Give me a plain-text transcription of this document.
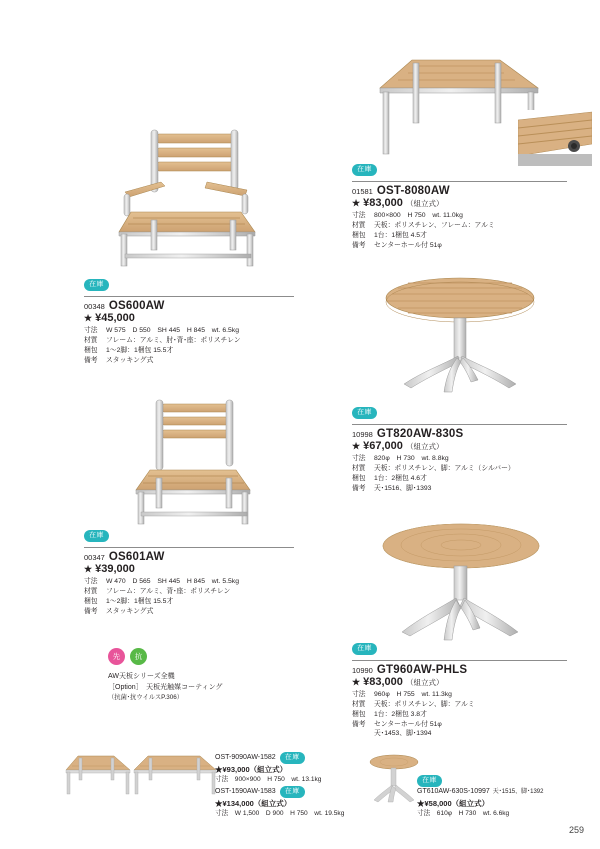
在庫
00348 OS600AW
★ ¥45,000
寸法	W 575　D 550　SH 445　H 845　wt. 6.5kg
材質	フレーム：アルミ、肘･背･座：ポリスチレン
梱包	1〜2脚：1梱包 15.5才
備考	スタッキング式
在庫
00347 OS601AW
★ ¥39,000
寸法	W 470　D 565　SH 445　H 845　wt. 5.5kg
材質	フレーム：アルミ、背･座：ポリスチレン
梱包	1〜2脚：1梱包 15.5才
備考	スタッキング式
先 抗
AW天板シリーズ全機
［Option］　天板光触媒コーティング
（抗菌･抗ウイルスP.306）
在庫
01581 OST-8080AW
★ ¥83,000 （組立式）
寸法	800×800　H 750　wt. 11.0kg
材質	天板：ポリスチレン、フレーム：アルミ
梱包	1台：1梱包 4.5才
備考	センターホール付 51φ
在庫
10998 GT820AW-830S
★ ¥67,000 （組立式）
寸法	820φ　H 730　wt. 8.8kg
材質	天板：ポリスチレン、脚：アルミ（シルバー）
梱包	1台：2梱包 4.6才
備考	天･1516、脚･1393
在庫
10990 GT960AW-PHLS
★ ¥83,000 （組立式）
寸法	960φ　H 755　wt. 11.3kg
材質	天板：ポリスチレン、脚：アルミ
梱包	1台：2梱包 3.8才
備考	センターホール付 51φ
天･1453、脚･1394
OST-9090AW-1582	在庫
★¥93,000（組立式）
寸法　900×900　H 750　wt. 13.1kg
OST-1590AW-1583	在庫
★¥134,000（組立式）
寸法　W 1,500　D 900　H 750　wt. 19.5kg
在庫
GT610AW-630S-10997 天･1515、脚･1392
★¥58,000（組立式）
寸法　610φ　H 730　wt. 6.6kg
259
